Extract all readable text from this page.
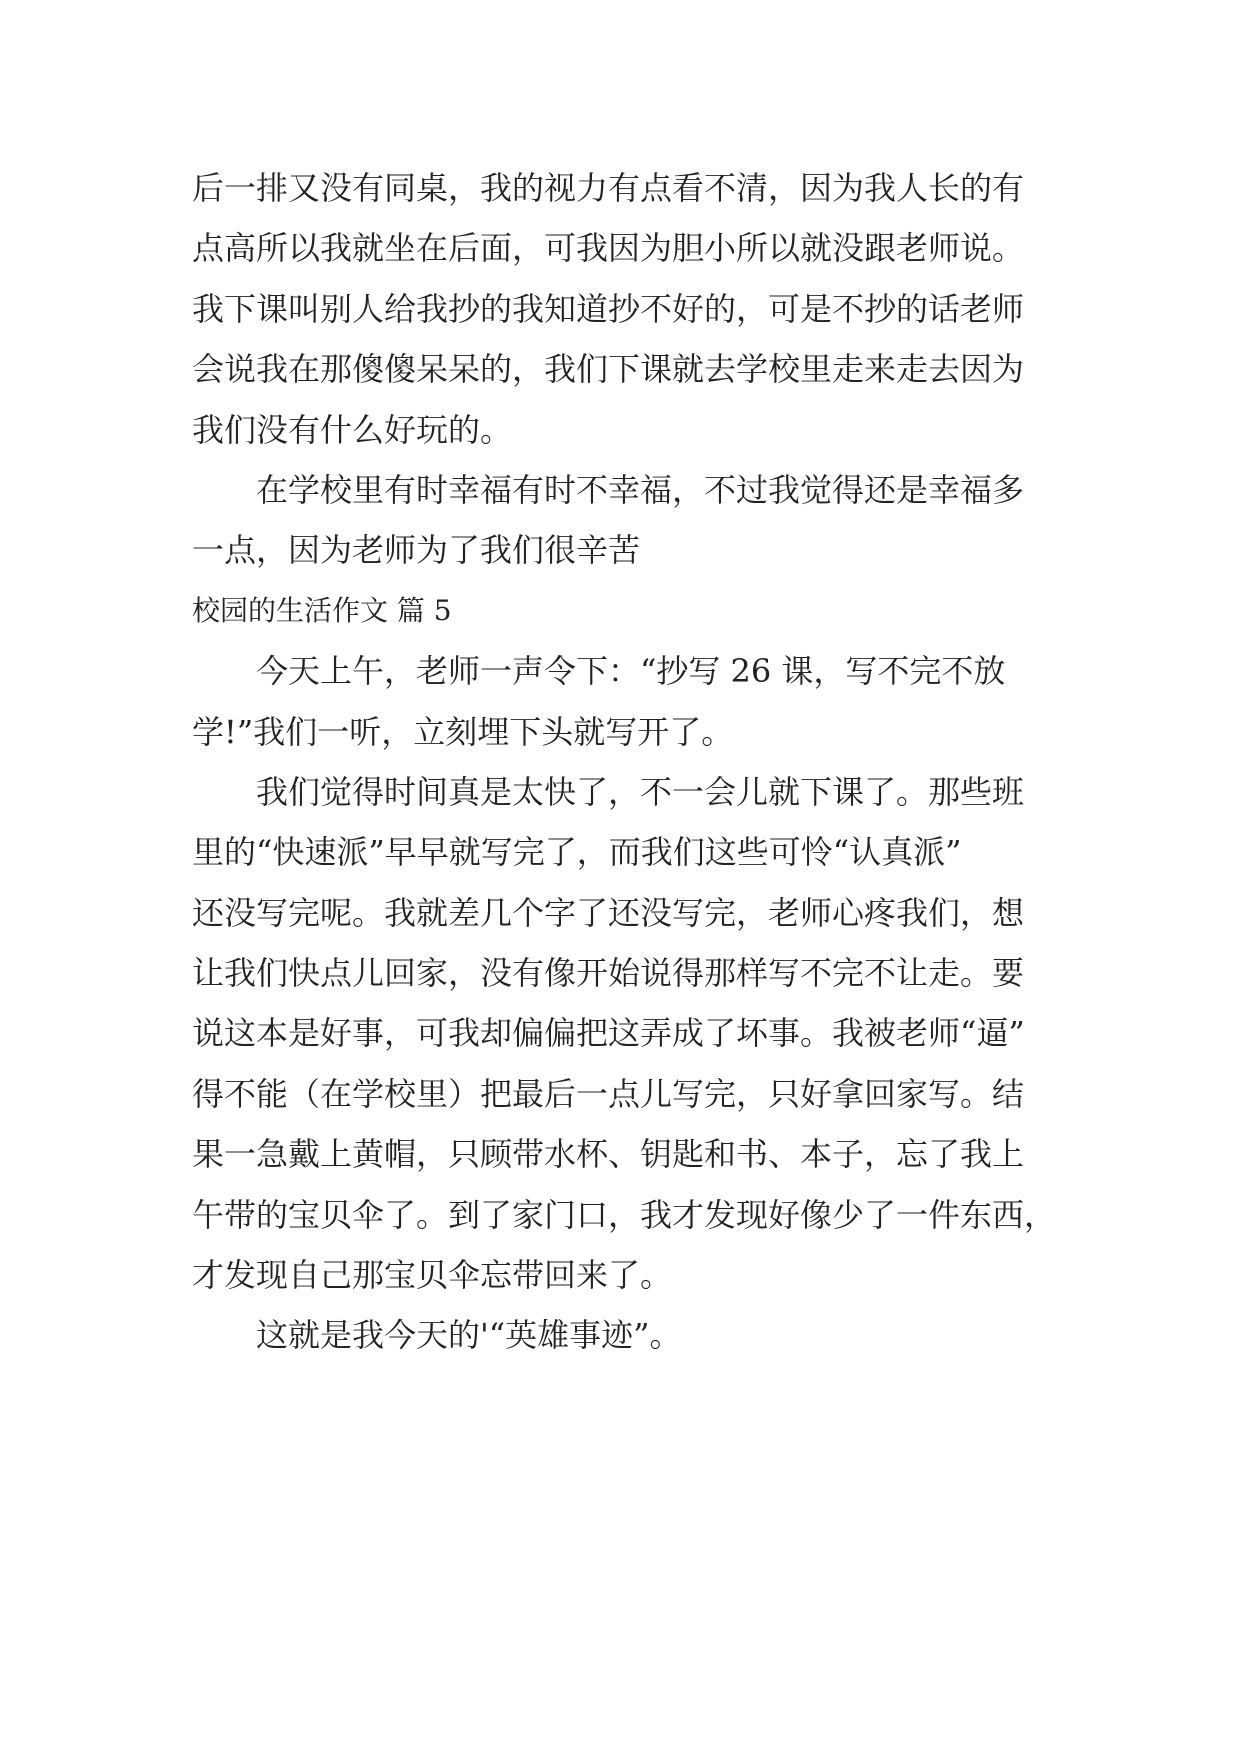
后一排又没有同桌，我的视力有点看不清，因为我人长的有
点高所以我就坐在后面，可我因为胆小所以就没跟老师说。
我下课叫别人给我抄的我知道抄不好的，可是不抄的话老师
会说我在那傻傻呆呆的，我们下课就去学校里走来走去因为
我们没有什么好玩的。
在学校里有时幸福有时不幸福，不过我觉得还是幸福多
一点，因为老师为了我们很辛苦
校园的生活作文 篇 5
今天上午，老师一声令下：“抄写 26 课，写不完不放
学!”我们一听，立刻埋下头就写开了。
我们觉得时间真是太快了，不一会儿就下课了。那些班
里的“快速派”早早就写完了，而我们这些可怜“认真派”
还没写完呢。我就差几个字了还没写完，老师心疼我们，想
让我们快点儿回家，没有像开始说得那样写不完不让走。要
说这本是好事，可我却偏偏把这弄成了坏事。我被老师“逼”
得不能（在学校里）把最后一点儿写完，只好拿回家写。结
果一急戴上黄帽，只顾带水杯、钥匙和书、本子，忘了我上
午带的宝贝伞了。到了家门口，我才发现好像少了一件东西，
才发现自己那宝贝伞忘带回来了。
这就是我今天的'“英雄事迹”。
